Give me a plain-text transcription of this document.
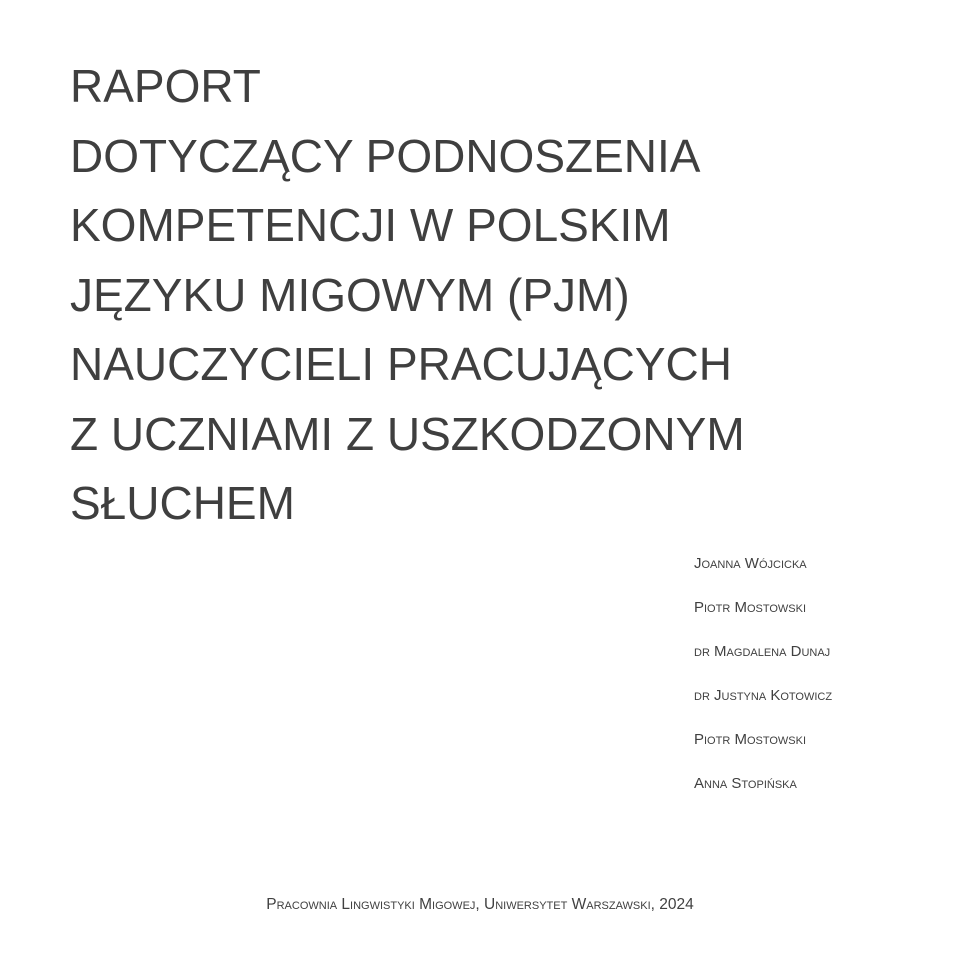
RAPORT
DOTYCZĄCY PODNOSZENIA
KOMPETENCJI W POLSKIM
JĘZYKU MIGOWYM (PJM)
NAUCZYCIELI PRACUJĄCYCH
Z UCZNIAMI Z USZKODZONYM
SŁUCHEM
Joanna Wójcicka
Piotr Mostowski
dr Magdalena Dunaj
dr Justyna Kotowicz
Piotr Mostowski
Anna Stopińska
Pracownia Lingwistyki Migowej, Uniwersytet Warszawski, 2024
